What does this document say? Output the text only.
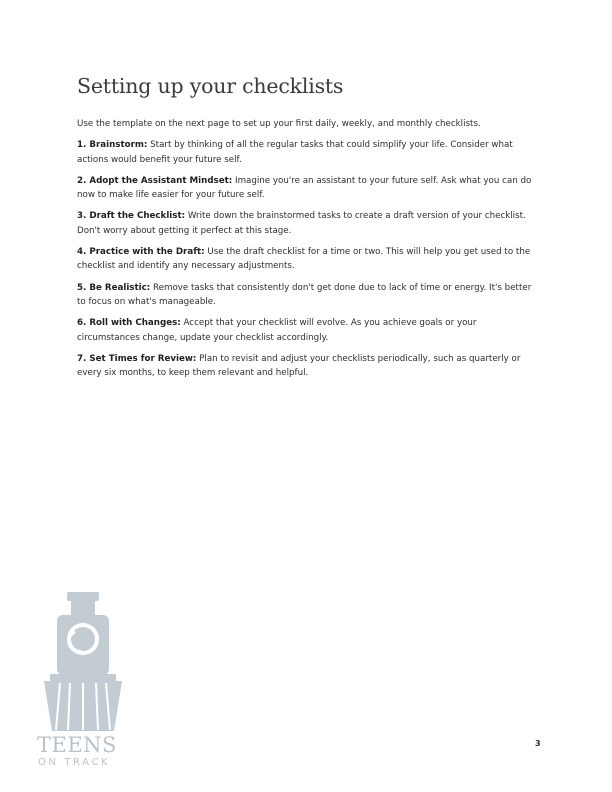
Setting up your checklists

Use the template on the next page to set up your first daily, weekly, and monthly checklists.

1. Brainstorm: Start by thinking of all the regular tasks that could simplify your life. Consider what actions would benefit your future self.

2. Adopt the Assistant Mindset: Imagine you're an assistant to your future self. Ask what you can do now to make life easier for your future self.

3. Draft the Checklist: Write down the brainstormed tasks to create a draft version of your checklist. Don't worry about getting it perfect at this stage.

4. Practice with the Draft: Use the draft checklist for a time or two. This will help you get used to the checklist and identify any necessary adjustments.

5. Be Realistic: Remove tasks that consistently don't get done due to lack of time or energy. It's better to focus on what's manageable.

6. Roll with Changes: Accept that your checklist will evolve. As you achieve goals or your circumstances change, update your checklist accordingly.

7. Set Times for Review: Plan to revisit and adjust your checklists periodically, such as quarterly or every six months, to keep them relevant and helpful.

TEENS
ON TRACK
3
